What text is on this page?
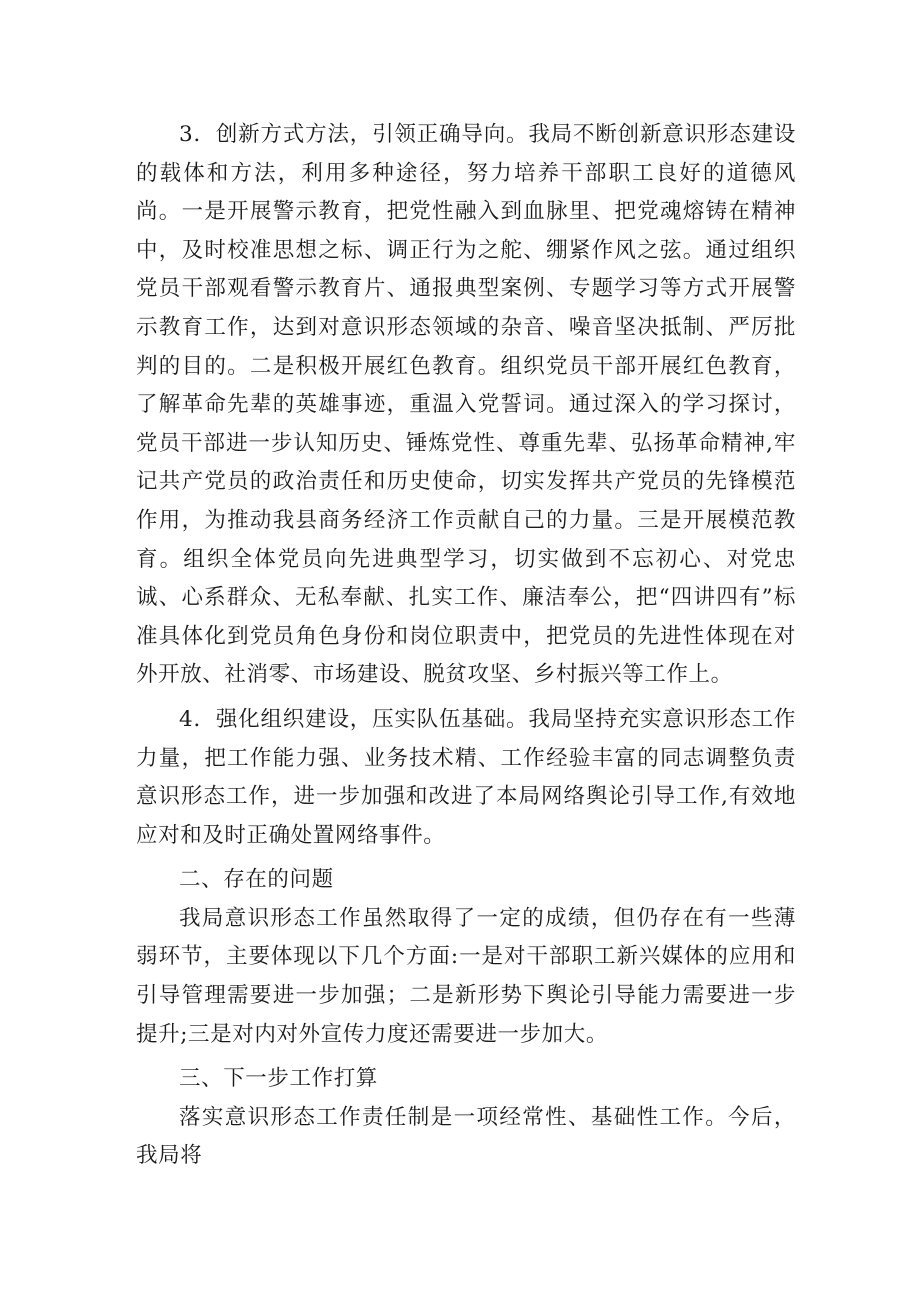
3．创新方式方法，引领正确导向。我局不断创新意识形态建设的载体和方法，利用多种途径，努力培养干部职工良好的道德风尚。一是开展警示教育，把党性融入到血脉里、把党魂熔铸在精神中，及时校准思想之标、调正行为之舵、绷紧作风之弦。通过组织党员干部观看警示教育片、通报典型案例、专题学习等方式开展警示教育工作，达到对意识形态领域的杂音、噪音坚决抵制、严厉批判的目的。二是积极开展红色教育。组织党员干部开展红色教育，了解革命先辈的英雄事迹，重温入党誓词。通过深入的学习探讨，党员干部进一步认知历史、锤炼党性、尊重先辈、弘扬革命精神,牢记共产党员的政治责任和历史使命，切实发挥共产党员的先锋模范作用，为推动我县商务经济工作贡献自己的力量。三是开展模范教育。组织全体党员向先进典型学习，切实做到不忘初心、对党忠诚、心系群众、无私奉献、扎实工作、廉洁奉公，把“四讲四有”标准具体化到党员角色身份和岗位职责中，把党员的先进性体现在对外开放、社消零、市场建设、脱贫攻坚、乡村振兴等工作上。

4．强化组织建设，压实队伍基础。我局坚持充实意识形态工作力量，把工作能力强、业务技术精、工作经验丰富的同志调整负责意识形态工作，进一步加强和改进了本局网络舆论引导工作,有效地应对和及时正确处置网络事件。

二、存在的问题

我局意识形态工作虽然取得了一定的成绩，但仍存在有一些薄弱环节，主要体现以下几个方面:一是对干部职工新兴媒体的应用和引导管理需要进一步加强；二是新形势下舆论引导能力需要进一步提升;三是对内对外宣传力度还需要进一步加大。

三、下一步工作打算

落实意识形态工作责任制是一项经常性、基础性工作。今后，我局将
